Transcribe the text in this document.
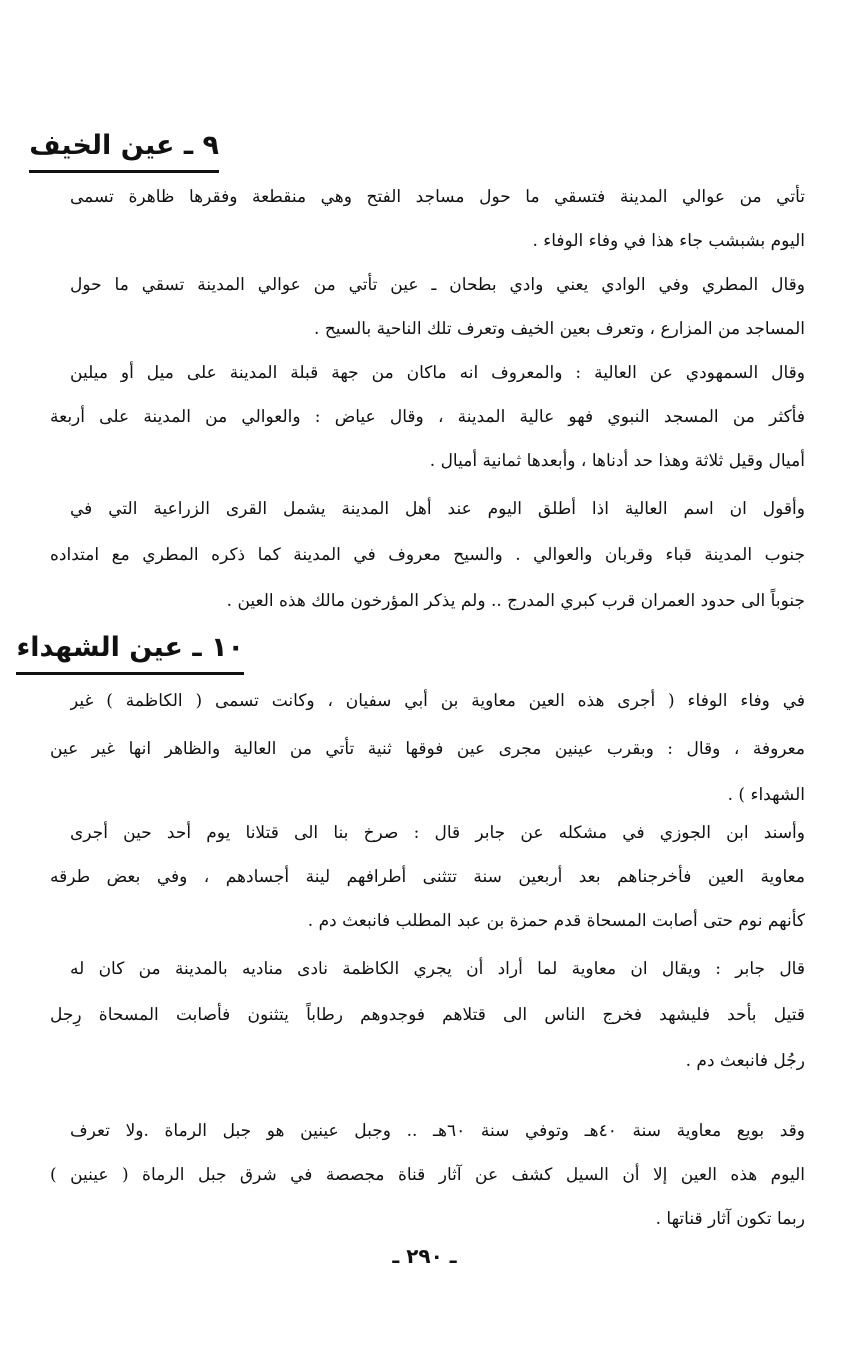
٩ ـ عين الخيف
تأتي من عوالي المدينة فتسقي ما حول مساجد الفتح وهي منقطعة وفقرها ظاهرة تسمى
اليوم بشبشب جاء هذا في وفاء الوفاء .
وقال المطري وفي الوادي يعني وادي بطحان ـ عين تأتي من عوالي المدينة تسقي ما حول
المساجد من المزارع ، وتعرف بعين الخيف وتعرف تلك الناحية بالسيح .
وقال السمهودي عن العالية : والمعروف انه ماكان من جهة قبلة المدينة على ميل أو ميلين
فأكثر من المسجد النبوي فهو عالية المدينة ، وقال عياض : والعوالي من المدينة على أربعة
أميال وقيل ثلاثة وهذا حد أدناها ، وأبعدها ثمانية أميال .
وأقول ان اسم العالية اذا أطلق اليوم عند أهل المدينة يشمل القرى الزراعية التي في
جنوب المدينة قباء وقربان والعوالي . والسيح معروف في المدينة كما ذكره المطري مع امتداده
جنوباً الى حدود العمران قرب كبري المدرج .. ولم يذكر المؤرخون مالك هذه العين .
١٠ ـ عين الشهداء
في وفاء الوفاء ( أجرى هذه العين معاوية بن أبي سفيان ، وكانت تسمى ( الكاظمة ) غير
معروفة ، وقال : وبقرب عينين مجرى عين فوقها ثنية تأتي من العالية والظاهر انها غير عين
الشهداء ) .
وأسند ابن الجوزي في مشكله عن جابر قال : صرخ بنا الى قتلانا يوم أحد حين أجرى
معاوية العين فأخرجناهم بعد أربعين سنة تتثنى أطرافهم لينة أجسادهم ، وفي بعض طرقه
كأنهم نوم حتى أصابت المسحاة قدم حمزة بن عبد المطلب فانبعث دم .
قال جابر : ويقال ان معاوية لما أراد أن يجري الكاظمة نادى مناديه بالمدينة من كان له
قتيل بأحد فليشهد فخرج الناس الى قتلاهم فوجدوهم رطاباً يتثنون فأصابت المسحاة رِجل
رجُل فانبعث دم .
وقد بويع معاوية سنة ٤٠هـ وتوفي سنة ٦٠هـ .. وجبل عينين هو جبل الرماة .ولا تعرف
اليوم هذه العين إلا أن السيل كشف عن آثار قناة مجصصة في شرق جبل الرماة ( عينين )
ربما تكون آثار قناتها .
ـ ٢٩٠ ـ
